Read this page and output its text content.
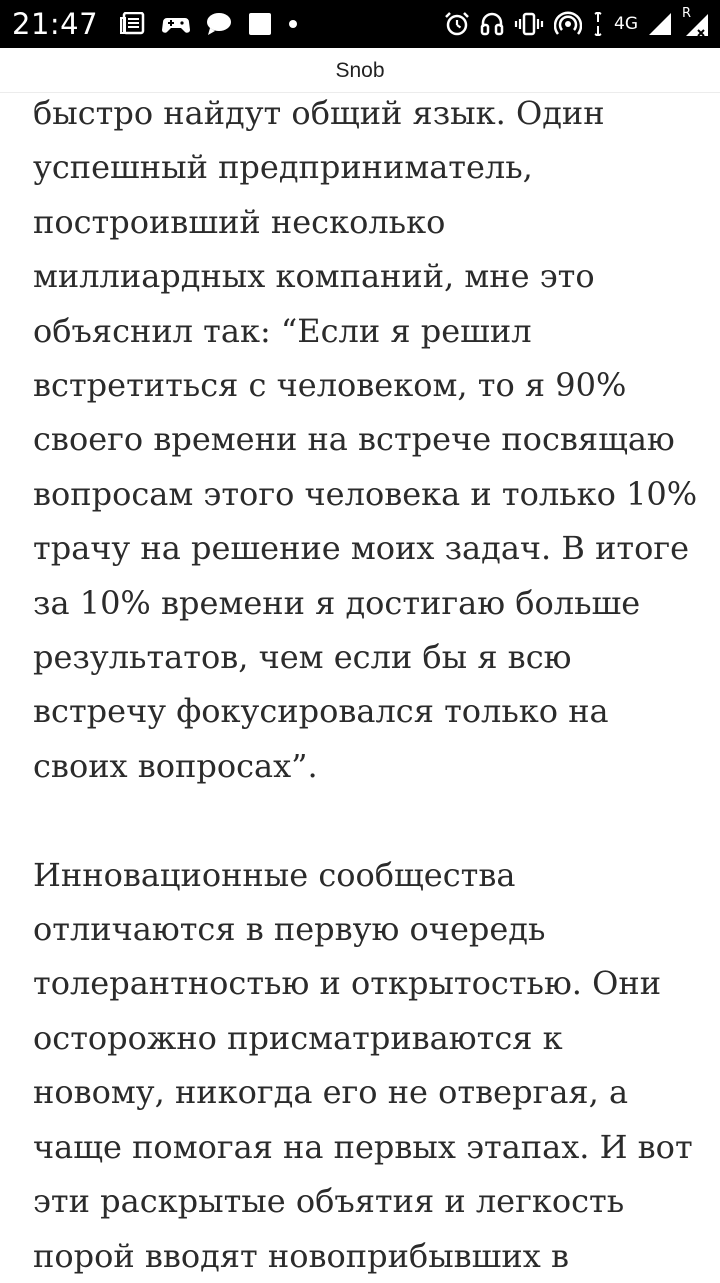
21:47	4G
R
Snob
быстро найдут общий язык. Один
успешный предприниматель,
построивший несколько
миллиардных компаний, мне это
объяснил так: “Если я решил
встретиться с человеком, то я 90%
своего времени на встрече посвящаю
вопросам этого человека и только 10%
трачу на решение моих задач. В итоге
за 10% времени я достигаю больше
результатов, чем если бы я всю
встречу фокусировался только на
своих вопросах”.
Инновационные сообщества
отличаются в первую очередь
толерантностью и открытостью. Они
осторожно присматриваются к
новому, никогда его не отвергая, а
чаще помогая на первых этапах. И вот
эти раскрытые объятия и легкость
порой вводят новоприбывших в
